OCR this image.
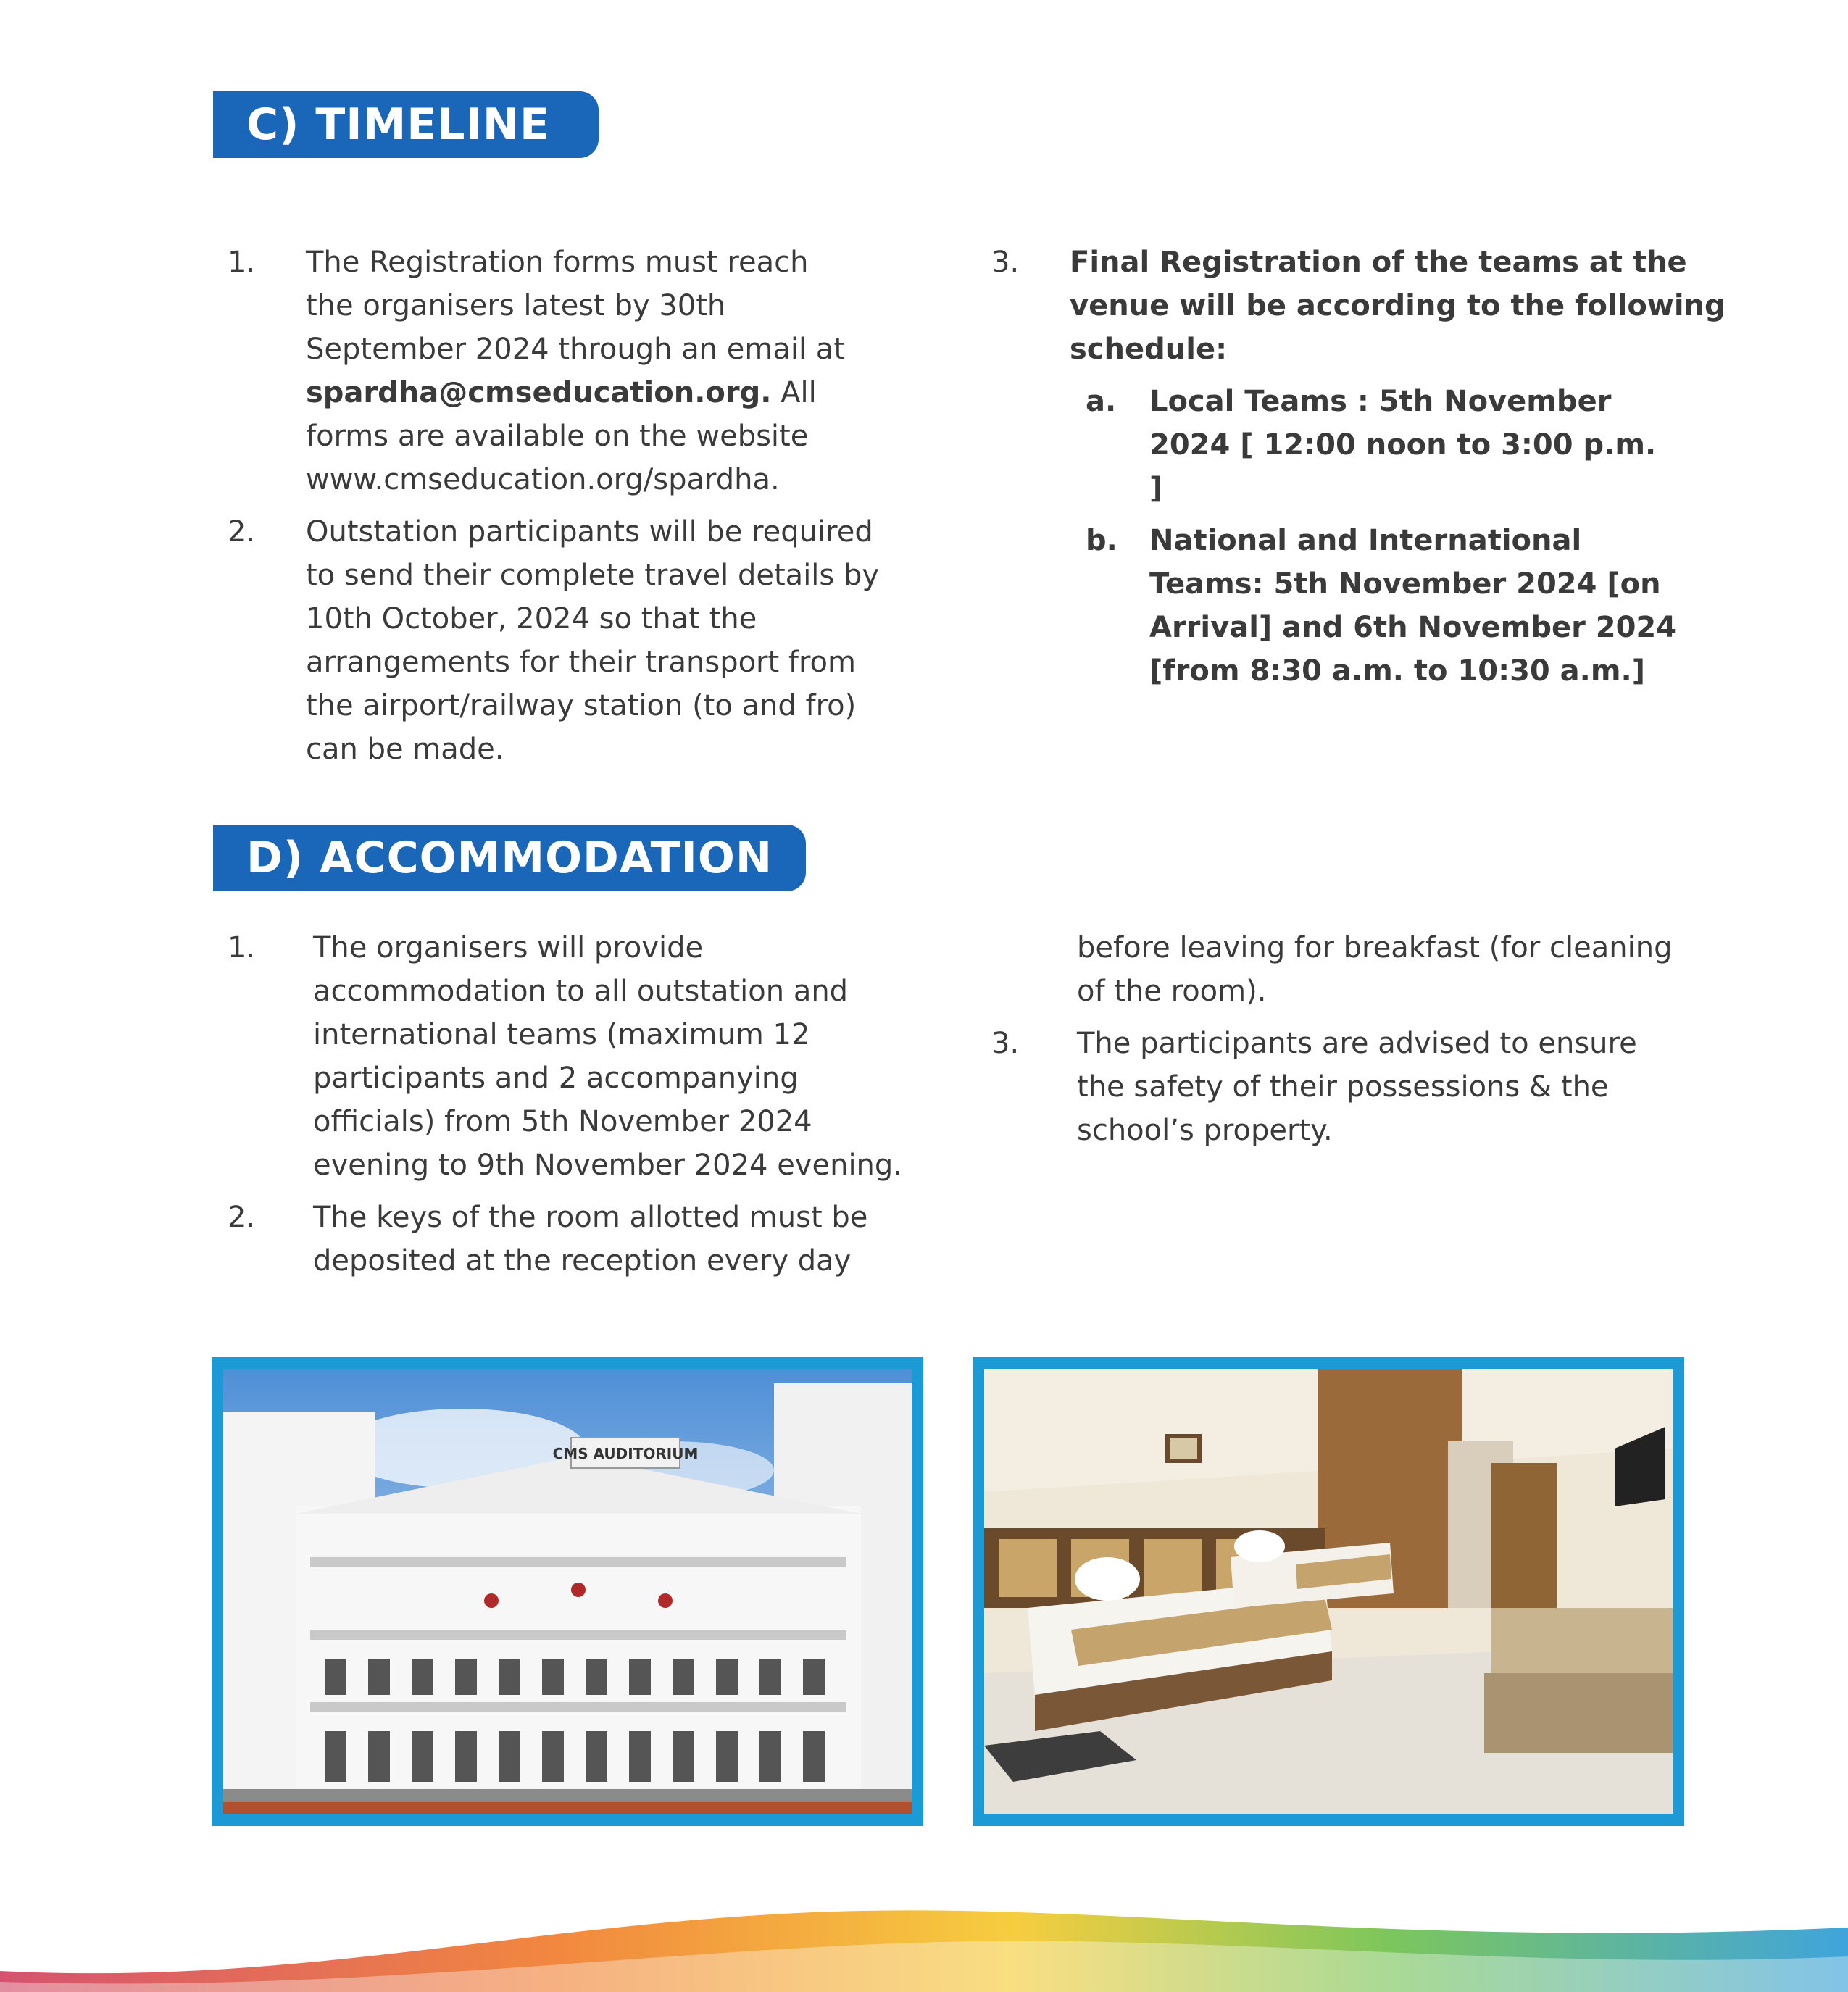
C) TIMELINE
1. The Registration forms must reach the organisers latest by 30th September 2024 through an email at
spardha@cmseducation.org. All forms are available on the website www.cmseducation.org/spardha.
2. Outstation participants will be required to send their complete travel details by 10th October, 2024 so that the arrangements for their transport from the airport/railway station (to and fro) can be made.
3. Final Registration of the teams at the venue will be according to the following schedule:
a. Local Teams : 5th November 2024 [ 12:00 noon to 3:00 p.m. ]
b. National and International Teams: 5th November 2024 [on Arrival] and 6th November 2024 [from 8:30 a.m. to 10:30 a.m.]
D) ACCOMMODATION
1. The organisers will provide accommodation to all outstation and international teams (maximum 12 participants and 2 accompanying officials) from 5th November 2024 evening to 9th November 2024 evening.
2. The keys of the room allotted must be deposited at the reception every day
before leaving for breakfast (for cleaning of the room).
3. The participants are advised to ensure the safety of their possessions & the school’s property.
CMS AUDITORIUM
